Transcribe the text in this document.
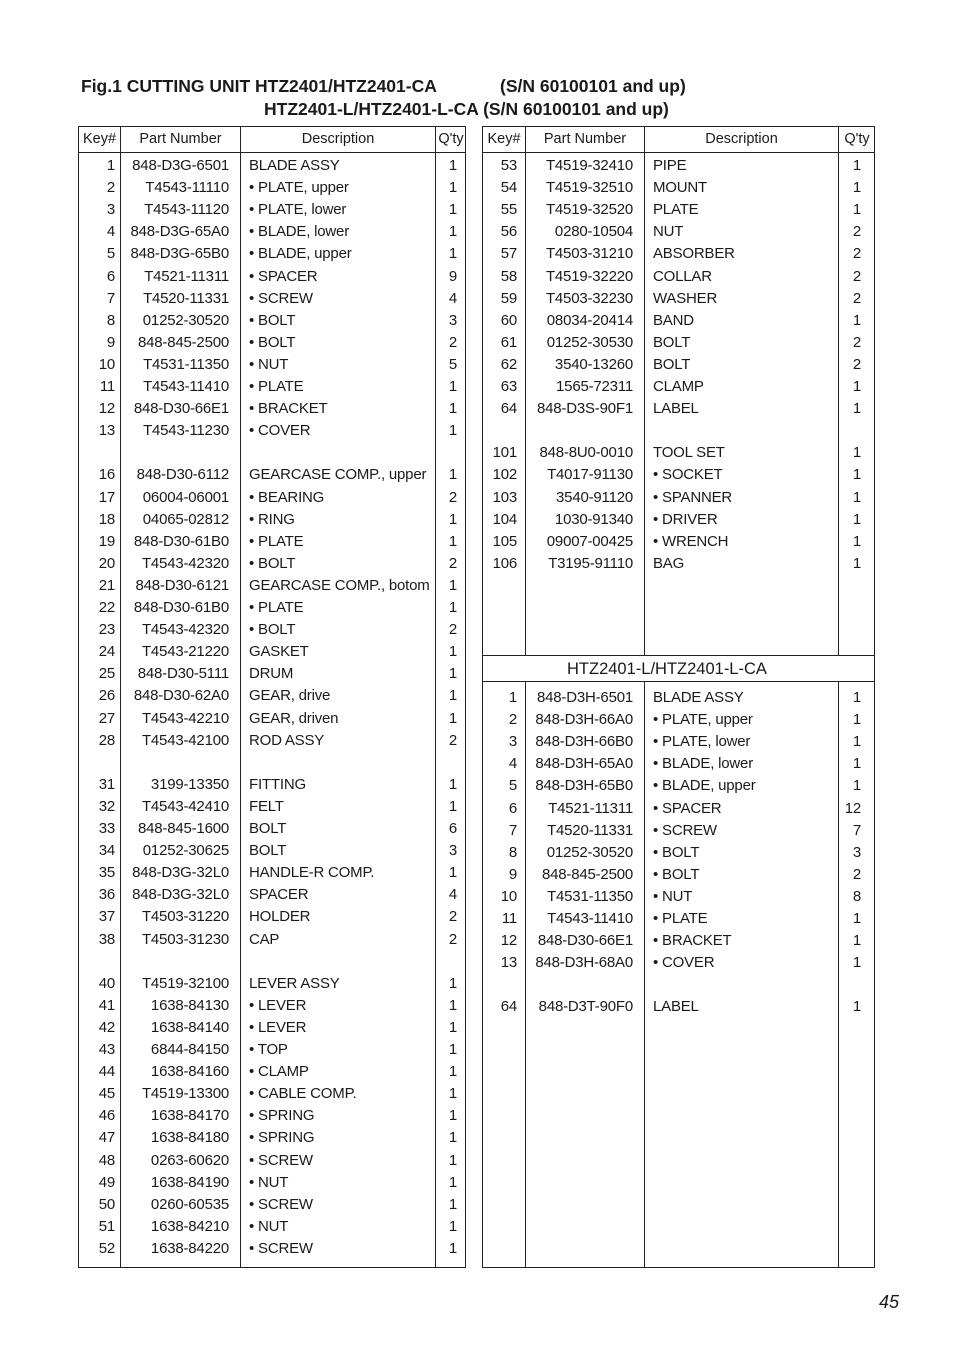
Fig.1 CUTTING UNIT HTZ2401/HTZ2401-CA	(S/N 60100101 and up)
HTZ2401-L/HTZ2401-L-CA (S/N 60100101 and up)
Key#	Part Number	Description	Q'ty
1	848-D3G-6501 BLADE ASSY	1
2	T4543-11110 • PLATE, upper	1
3	T4543-11120 • PLATE, lower	1
4	848-D3G-65A0 • BLADE, lower	1
5	848-D3G-65B0 • BLADE, upper	1
6	T4521-11311 • SPACER	9
7	T4520-11331 • SCREW	4
8	01252-30520 • BOLT	3
9	848-845-2500 • BOLT	2
10	T4531-11350 • NUT	5
11	T4543-11410 • PLATE	1
12	848-D30-66E1 • BRACKET	1
13	T4543-11230 • COVER	1
16	848-D30-6112 GEARCASE COMP., upper	1
17	06004-06001 • BEARING	2
18	04065-02812 • RING	1
19	848-D30-61B0 • PLATE	1
20	T4543-42320 • BOLT	2
21	848-D30-6121 GEARCASE COMP., botom	1
22	848-D30-61B0 • PLATE	1
23	T4543-42320 • BOLT	2
24	T4543-21220 GASKET	1
25	848-D30-5111 DRUM	1
26	848-D30-62A0 GEAR, drive	1
27	T4543-42210 GEAR, driven	1
28	T4543-42100 ROD ASSY	2
31	3199-13350 FITTING	1
32	T4543-42410 FELT	1
33	848-845-1600 BOLT	6
34	01252-30625 BOLT	3
35	848-D3G-32L0 HANDLE-R COMP.	1
36	848-D3G-32L0 SPACER	4
37	T4503-31220 HOLDER	2
38	T4503-31230 CAP	2
40	T4519-32100 LEVER ASSY	1
41	1638-84130 • LEVER	1
42	1638-84140 • LEVER	1
43	6844-84150 • TOP	1
44	1638-84160 • CLAMP	1
45	T4519-13300 • CABLE COMP.	1
46	1638-84170 • SPRING	1
47	1638-84180 • SPRING	1
48	0263-60620 • SCREW	1
49	1638-84190 • NUT	1
50	0260-60535 • SCREW	1
51	1638-84210 • NUT	1
52	1638-84220 • SCREW	1
Key#	Part Number	Description	Q'ty
HTZ2401-L/HTZ2401-L-CA
53	T4519-32410 PIPE	1
54	T4519-32510 MOUNT	1
55	T4519-32520 PLATE	1
56	0280-10504 NUT	2
57	T4503-31210 ABSORBER	2
58	T4519-32220 COLLAR	2
59	T4503-32230 WASHER	2
60	08034-20414 BAND	1
61	01252-30530 BOLT	2
62	3540-13260 BOLT	2
63	1565-72311 CLAMP	1
64	848-D3S-90F1 LABEL	1
101	848-8U0-0010 TOOL SET	1
102	T4017-91130 • SOCKET	1
103	3540-91120 • SPANNER	1
104	1030-91340 • DRIVER	1
105	09007-00425 • WRENCH	1
106	T3195-91110 BAG	1
1	848-D3H-6501 BLADE ASSY	1
2	848-D3H-66A0 • PLATE, upper	1
3	848-D3H-66B0 • PLATE, lower	1
4	848-D3H-65A0 • BLADE, lower	1
5	848-D3H-65B0 • BLADE, upper	1
6	T4521-11311 • SPACER	12
7	T4520-11331 • SCREW	7
8	01252-30520 • BOLT	3
9	848-845-2500 • BOLT	2
10	T4531-11350 • NUT	8
11	T4543-11410 • PLATE	1
12	848-D30-66E1 • BRACKET	1
13	848-D3H-68A0 • COVER	1
64	848-D3T-90F0 LABEL	1
45
